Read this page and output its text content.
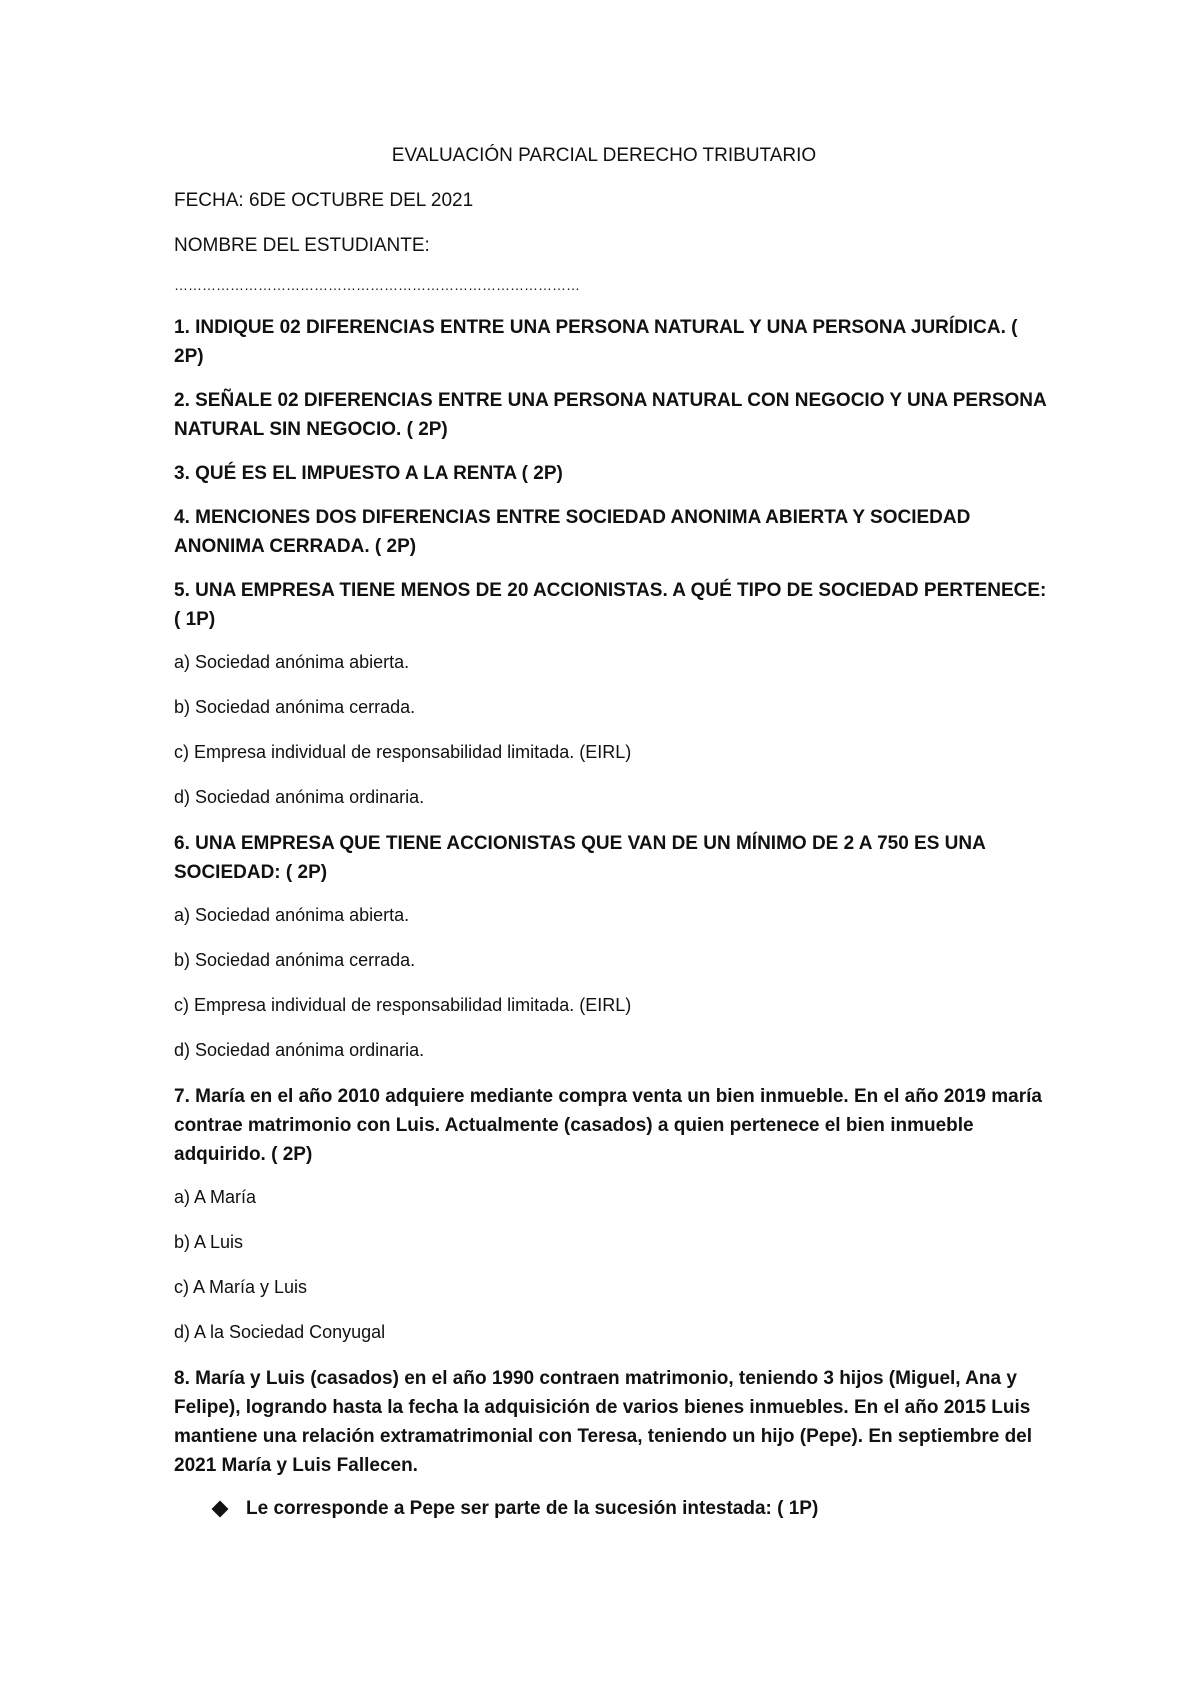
EVALUACIÓN PARCIAL DERECHO TRIBUTARIO
FECHA: 6DE OCTUBRE DEL 2021
NOMBRE DEL ESTUDIANTE:
……………………………………………………………………………
1. INDIQUE 02 DIFERENCIAS ENTRE UNA PERSONA NATURAL Y UNA PERSONA JURÍDICA. ( 2P)
2. SEÑALE 02 DIFERENCIAS ENTRE UNA PERSONA NATURAL CON NEGOCIO Y UNA PERSONA NATURAL SIN NEGOCIO. ( 2P)
3. QUÉ ES EL IMPUESTO A LA RENTA ( 2P)
4. MENCIONES DOS DIFERENCIAS ENTRE SOCIEDAD ANONIMA ABIERTA Y SOCIEDAD ANONIMA CERRADA. ( 2P)
5. UNA EMPRESA TIENE MENOS DE 20 ACCIONISTAS. A QUÉ TIPO DE SOCIEDAD PERTENECE: ( 1P)
a) Sociedad anónima abierta.
b) Sociedad anónima cerrada.
c) Empresa individual de responsabilidad limitada. (EIRL)
d) Sociedad anónima ordinaria.
6. UNA EMPRESA QUE TIENE ACCIONISTAS QUE VAN DE UN MÍNIMO DE 2 A 750 ES UNA SOCIEDAD: ( 2P)
a) Sociedad anónima abierta.
b) Sociedad anónima cerrada.
c) Empresa individual de responsabilidad limitada. (EIRL)
d) Sociedad anónima ordinaria.
7. María en el año 2010 adquiere mediante compra venta un bien inmueble. En el año 2019 maría contrae matrimonio con Luis. Actualmente (casados) a quien pertenece el bien inmueble adquirido. ( 2P)
a) A María
b) A Luis
c) A María y Luis
d) A la Sociedad Conyugal
8. María y Luis (casados) en el año 1990 contraen matrimonio, teniendo 3 hijos (Miguel, Ana y Felipe), logrando hasta la fecha la adquisición de varios bienes inmuebles. En el año 2015 Luis mantiene una relación extramatrimonial con Teresa, teniendo un hijo (Pepe). En septiembre del 2021 María y Luis Fallecen.
Le corresponde a Pepe ser parte de la sucesión intestada: ( 1P)
